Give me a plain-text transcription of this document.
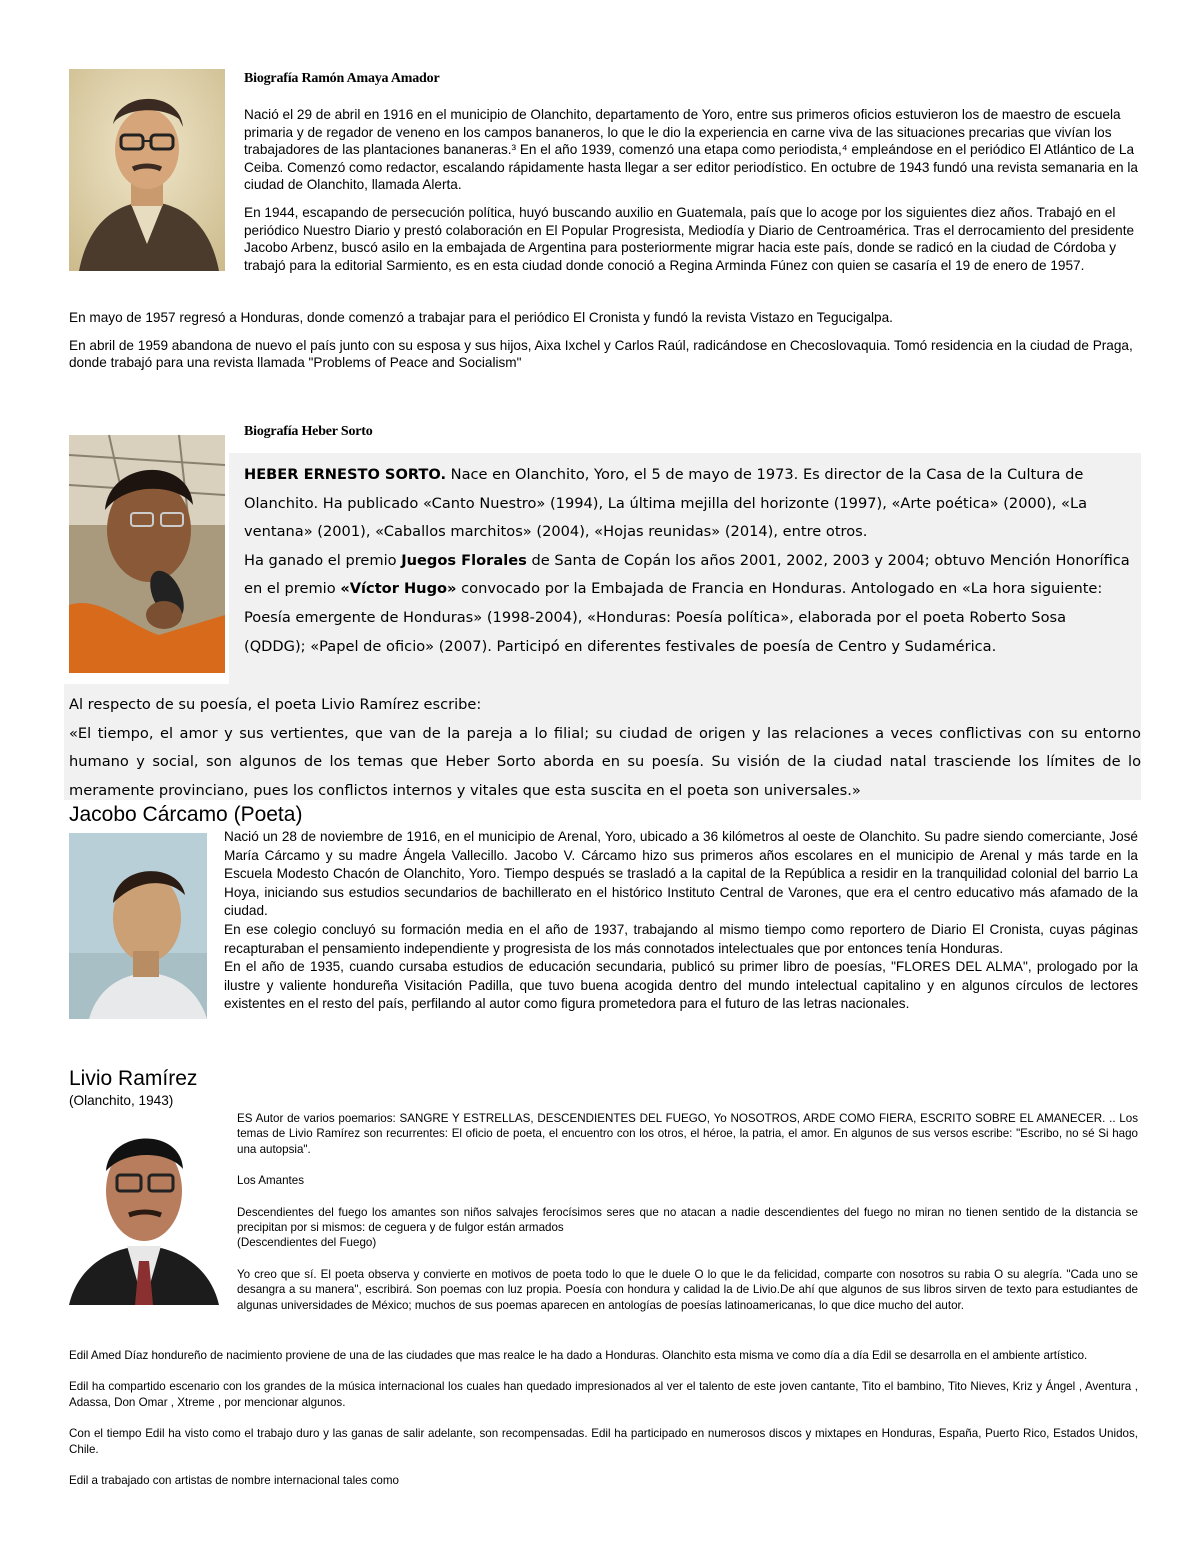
Biografía Ramón Amaya Amador

Nació el 29 de abril en 1916 en el municipio de Olanchito, departamento de Yoro, entre sus primeros oficios estuvieron los de maestro de escuela primaria y de regador de veneno en los campos bananeros, lo que le dio la experiencia en carne viva de las situaciones precarias que vivían los trabajadores de las plantaciones bananeras.³ En el año 1939, comenzó una etapa como periodista,⁴ empleándose en el periódico El Atlántico de La Ceiba. Comenzó como redactor, escalando rápidamente hasta llegar a ser editor periodístico. En octubre de 1943 fundó una revista semanaria en la ciudad de Olanchito, llamada Alerta.

En 1944, escapando de persecución política, huyó buscando auxilio en Guatemala, país que lo acoge por los siguientes diez años. Trabajó en el periódico Nuestro Diario y prestó colaboración en El Popular Progresista, Mediodía y Diario de Centroamérica. Tras el derrocamiento del presidente Jacobo Arbenz, buscó asilo en la embajada de Argentina para posteriormente migrar hacia este país, donde se radicó en la ciudad de Córdoba y trabajó para la editorial Sarmiento, es en esta ciudad donde conoció a Regina Arminda Fúnez con quien se casaría el 19 de enero de 1957.

En mayo de 1957 regresó a Honduras, donde comenzó a trabajar para el periódico El Cronista y fundó la revista Vistazo en Tegucigalpa.

En abril de 1959 abandona de nuevo el país junto con su esposa y sus hijos, Aixa Ixchel y Carlos Raúl, radicándose en Checoslovaquia. Tomó residencia en la ciudad de Praga, donde trabajó para una revista llamada "Problems of Peace and Socialism"

Biografía Heber Sorto

HEBER ERNESTO SORTO. Nace en Olanchito, Yoro, el 5 de mayo de 1973. Es director de la Casa de la Cultura de Olanchito. Ha publicado «Canto Nuestro» (1994), La última mejilla del horizonte (1997), «Arte poética» (2000), «La ventana» (2001), «Caballos marchitos» (2004), «Hojas reunidas» (2014), entre otros.

Ha ganado el premio Juegos Florales de Santa de Copán los años 2001, 2002, 2003 y 2004; obtuvo Mención Honorífica en el premio «Víctor Hugo» convocado por la Embajada de Francia en Honduras. Antologado en «La hora siguiente: Poesía emergente de Honduras» (1998-2004), «Honduras: Poesía política», elaborada por el poeta Roberto Sosa (QDDG); «Papel de oficio» (2007). Participó en diferentes festivales de poesía de Centro y Sudamérica.

Al respecto de su poesía, el poeta Livio Ramírez escribe:

«El tiempo, el amor y sus vertientes, que van de la pareja a lo filial; su ciudad de origen y las relaciones a veces conflictivas con su entorno humano y social, son algunos de los temas que Heber Sorto aborda en su poesía. Su visión de la ciudad natal trasciende los límites de lo meramente provinciano, pues los conflictos internos y vitales que esta suscita en el poeta son universales.»

Jacobo Cárcamo (Poeta)

Nació un 28 de noviembre de 1916, en el municipio de Arenal, Yoro, ubicado a 36 kilómetros al oeste de Olanchito. Su padre siendo comerciante, José María Cárcamo y su madre Ángela Vallecillo. Jacobo V. Cárcamo hizo sus primeros años escolares en el municipio de Arenal y más tarde en la Escuela Modesto Chacón de Olanchito, Yoro. Tiempo después se trasladó a la capital de la República a residir en la tranquilidad colonial del barrio La Hoya, iniciando sus estudios secundarios de bachillerato en el histórico Instituto Central de Varones, que era el centro educativo más afamado de la ciudad.

En ese colegio concluyó su formación media en el año de 1937, trabajando al mismo tiempo como reportero de Diario El Cronista, cuyas páginas recapturaban el pensamiento independiente y progresista de los más connotados intelectuales que por entonces tenía Honduras.

En el año de 1935, cuando cursaba estudios de educación secundaria, publicó su primer libro de poesías, "FLORES DEL ALMA", prologado por la ilustre y valiente hondureña Visitación Padilla, que tuvo buena acogida dentro del mundo intelectual capitalino y en algunos círculos de lectores existentes en el resto del país, perfilando al autor como figura prometedora para el futuro de las letras nacionales.

Livio Ramírez
(Olanchito, 1943)

ES Autor de varios poemarios: SANGRE Y ESTRELLAS, DESCENDIENTES DEL FUEGO, Yo NOSOTROS, ARDE COMO FIERA, ESCRITO SOBRE EL AMANECER. .. Los temas de Livio Ramírez son recurrentes: El oficio de poeta, el encuentro con los otros, el héroe, la patria, el amor. En algunos de sus versos escribe: "Escribo, no sé Si hago una autopsia".

Los Amantes

Descendientes del fuego los amantes son niños salvajes ferocísimos seres que no atacan a nadie descendientes del fuego no miran no tienen sentido de la distancia se precipitan por si mismos: de ceguera y de fulgor están armados

(Descendientes del Fuego)

Yo creo que sí. El poeta observa y convierte en motivos de poeta todo lo que le duele O lo que le da felicidad, comparte con nosotros su rabia O su alegría. "Cada uno se desangra a su manera", escribirá. Son poemas con luz propia. Poesía con hondura y calidad la de Livio.De ahí que algunos de sus libros sirven de texto para estudiantes de algunas universidades de México; muchos de sus poemas aparecen en antologías de poesías latinoamericanas, lo que dice mucho del autor.

Edil Amed Díaz hondureño de nacimiento proviene de una de las ciudades que mas realce le ha dado a Honduras. Olanchito esta misma ve como día a día Edil se desarrolla en el ambiente artístico.

Edil ha compartido escenario con los grandes de la música internacional los cuales han quedado impresionados al ver el talento de este joven cantante, Tito el bambino, Tito Nieves, Kriz y Ángel , Aventura , Adassa, Don Omar , Xtreme , por mencionar algunos.

Con el tiempo Edil ha visto como el trabajo duro y las ganas de salir adelante, son recompensadas. Edil ha participado en numerosos discos y mixtapes en Honduras, España, Puerto Rico, Estados Unidos, Chile.

Edil a trabajado con artistas de nombre internacional tales como
